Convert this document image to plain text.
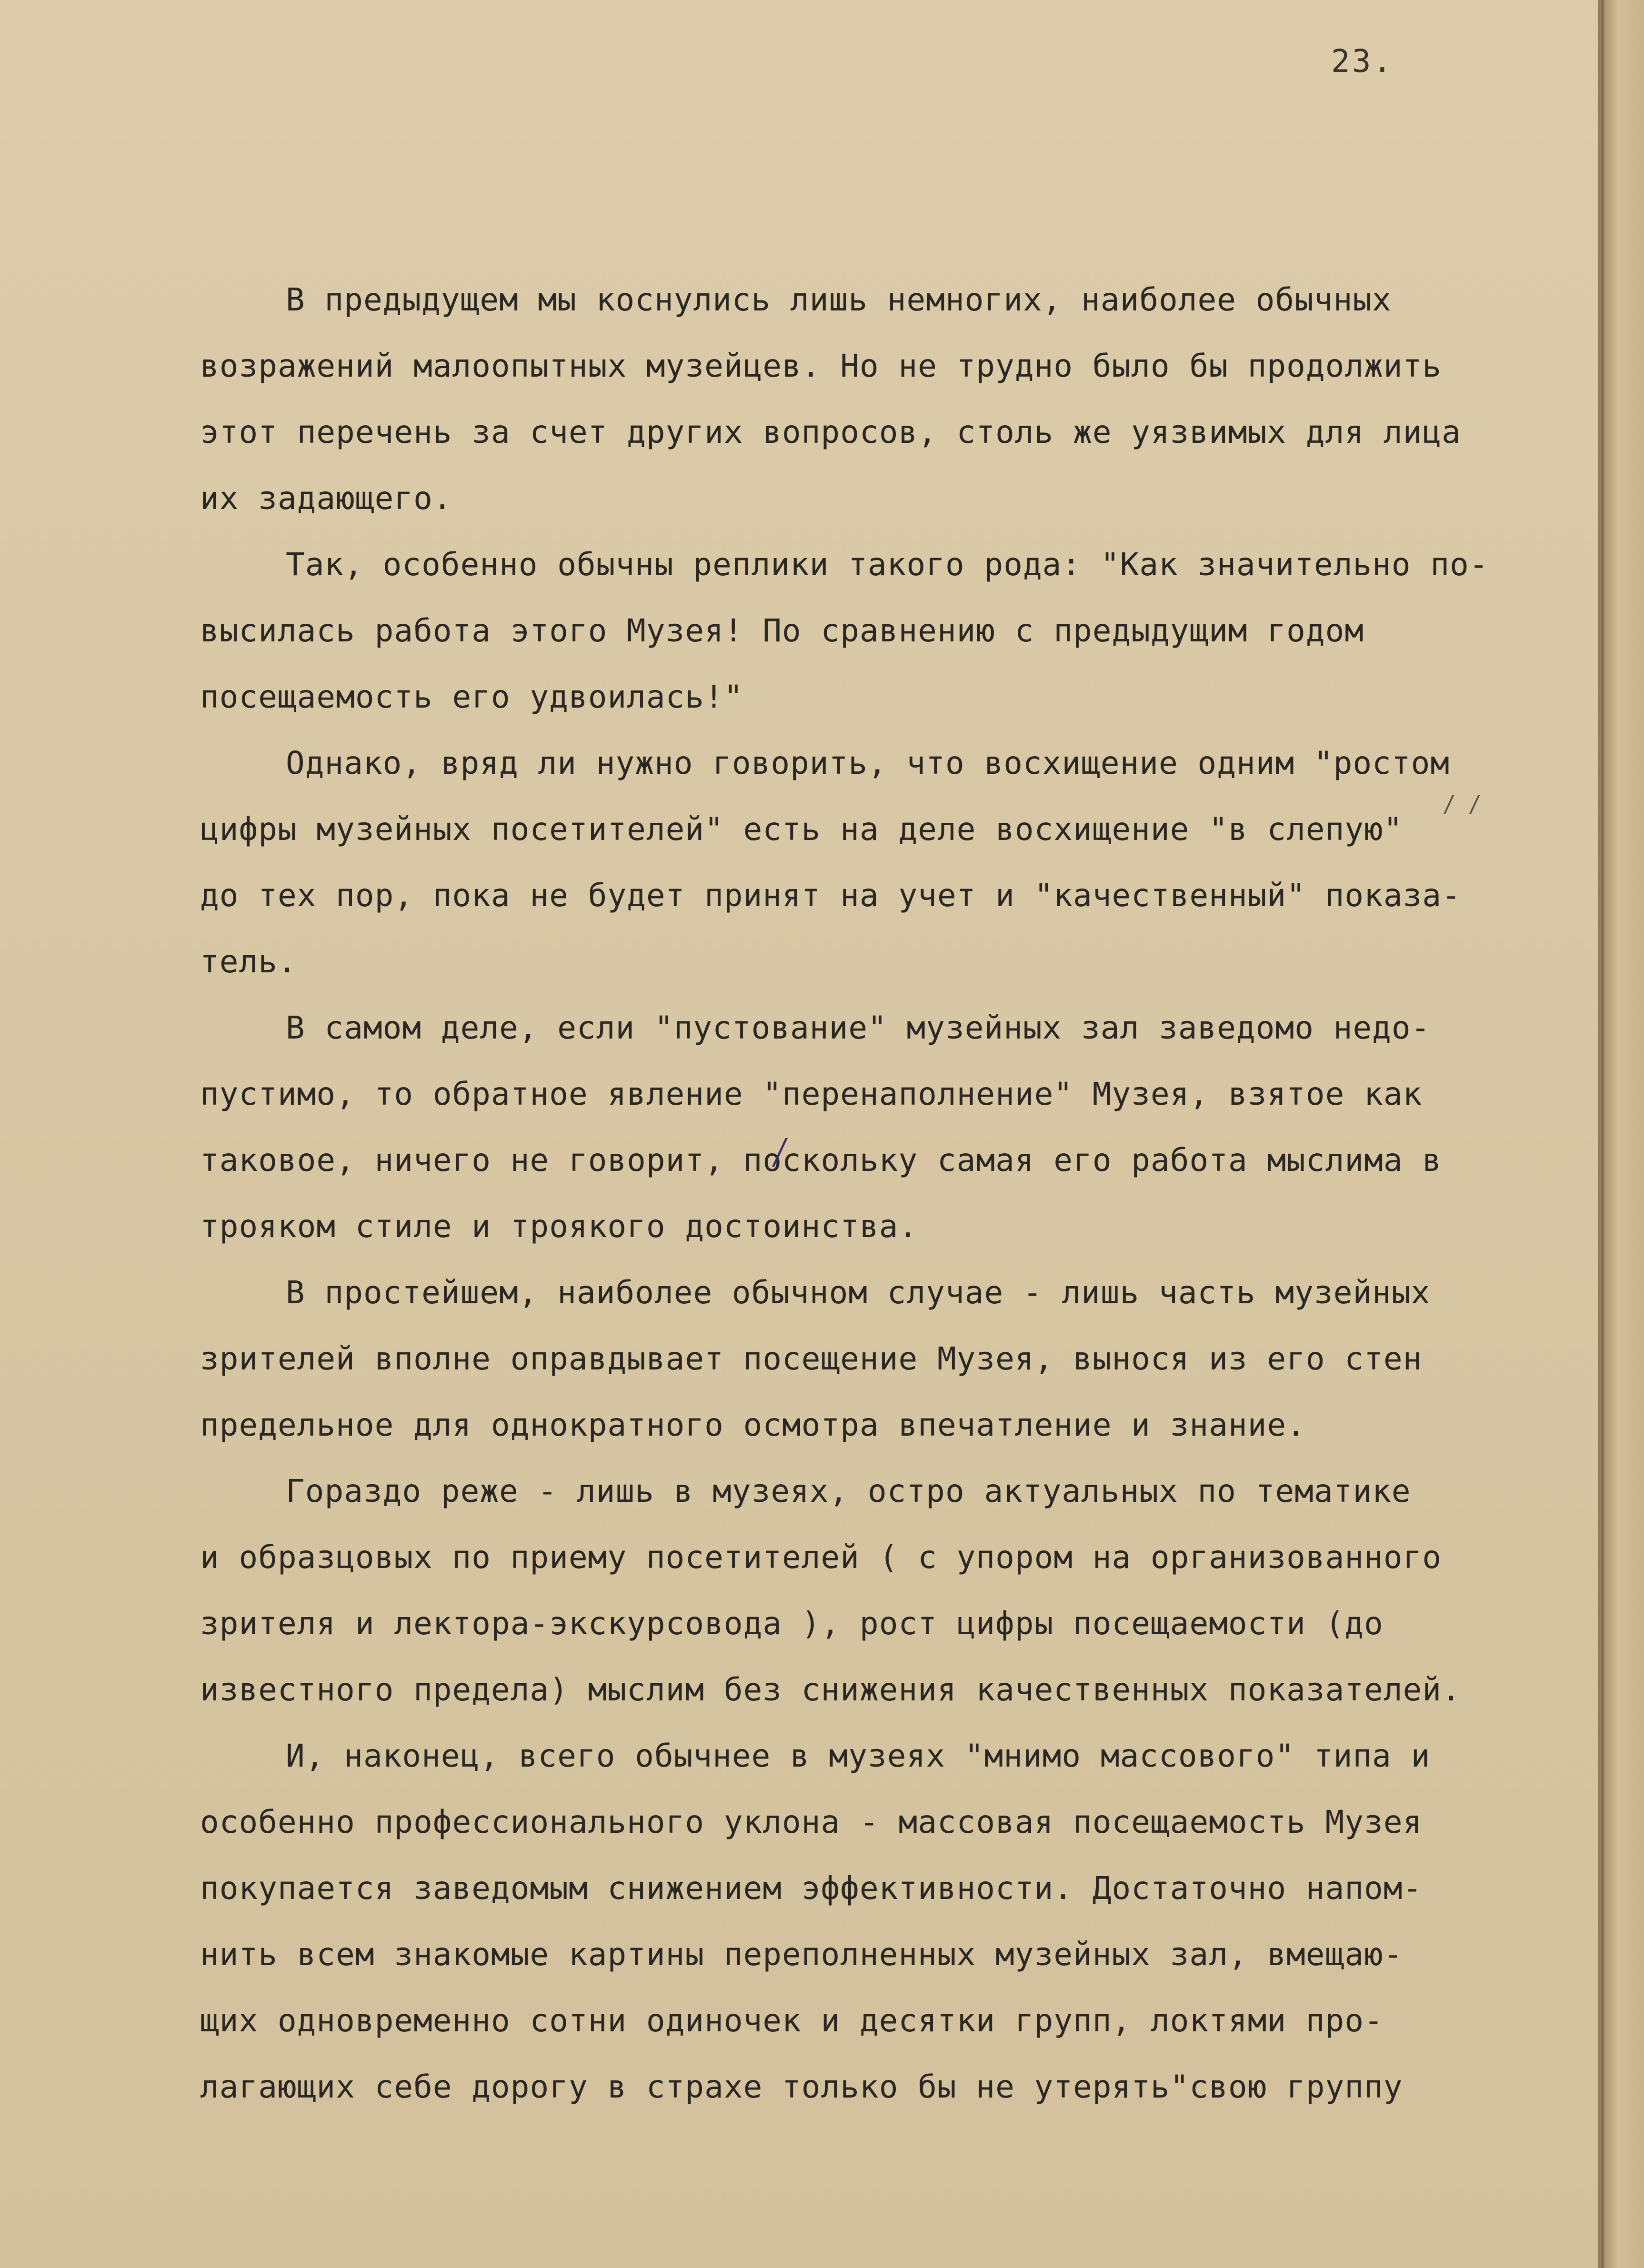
23.
В предыдущем мы коснулись лишь немногих, наиболее обычных
возражений малоопытных музейцев. Но не трудно было бы продолжить
этот перечень за счет других вопросов, столь же уязвимых для лица
их задающего.
Так, особенно обычны реплики такого рода: "Как значительно по-
высилась работа этого Музея! По сравнению с предыдущим годом
посещаемость его удвоилась!"
Однако, вряд ли нужно говорить, что восхищение одним "ростом
цифры музейных посетителей" есть на деле восхищение "в слепую"
до тех пор, пока не будет принят на учет и "качественный" показа-
тель.
В самом деле, если "пустование" музейных зал заведомо недо-
пустимо, то обратное явление "перенаполнение" Музея, взятое как
таковое, ничего не говорит, поскольку самая его работа мыслима в
трояком стиле и троякого достоинства.
В простейшем, наиболее обычном случае - лишь часть музейных
зрителей вполне оправдывает посещение Музея, вынося из его стен
предельное для однократного осмотра впечатление и знание.
Гораздо реже - лишь в музеях, остро актуальных по тематике
и образцовых по приему посетителей ( с упором на организованного
зрителя и лектора-экскурсовода ), рост цифры посещаемости (до
известного предела) мыслим без снижения качественных показателей.
И, наконец, всего обычнее в музеях "мнимо массового" типа и
особенно профессионального уклона - массовая посещаемость Музея
покупается заведомым снижением эффективности. Достаточно напом-
нить всем знакомые картины переполненных музейных зал, вмещаю-
щих одновременно сотни одиночек и десятки групп, локтями про-
лагающих себе дорогу в страхе только бы не утерять"свою группу
